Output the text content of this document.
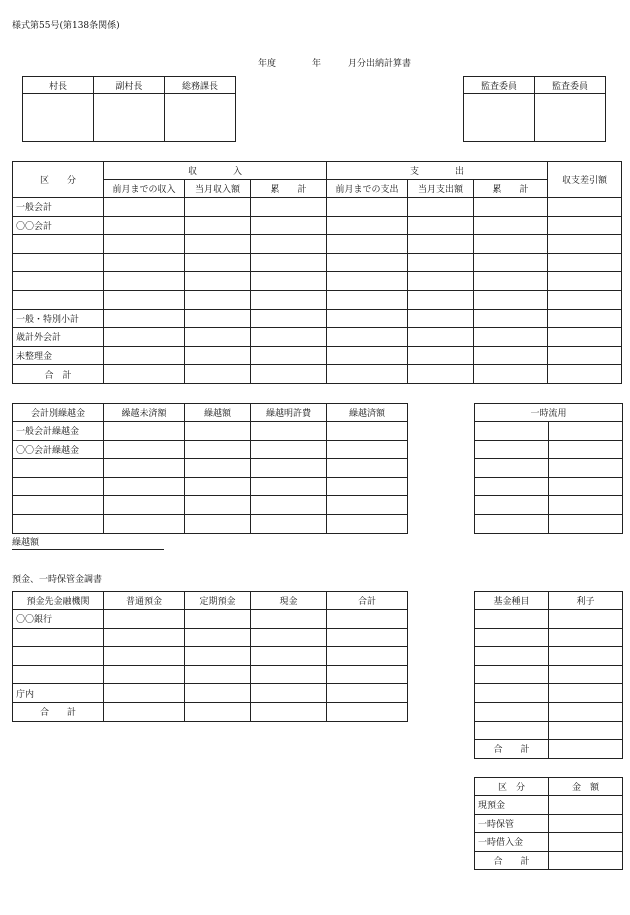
様式第55号(第138条関係)
年度　　　　年　　　月分出納計算書
村長	副村長	総務課長
			監査委員	監査委員

区　　分	収　　　　入			支　　　　出			収支差引額
	前月までの収入	当月収入額	累　　計	前月までの支出	当月支出額	累　　計	
一般会計							
〇〇会計							

一般・特別小計							
歳計外会計							
未整理金							
合　計							
会計別繰越金	繰越未済額	繰越額	繰越明許費	繰越済額
一般会計繰越金				
〇〇会計繰越金				

繰越額
一時流用	

預金、一時保管金調書
預金先金融機関	普通預金	定期預金	現金	合計
〇〇銀行				

庁内				
合　　計				
基金種目	利子

合　　計	
区　分	金　額
現預金	
一時保管	
一時借入金	
合　　計	
